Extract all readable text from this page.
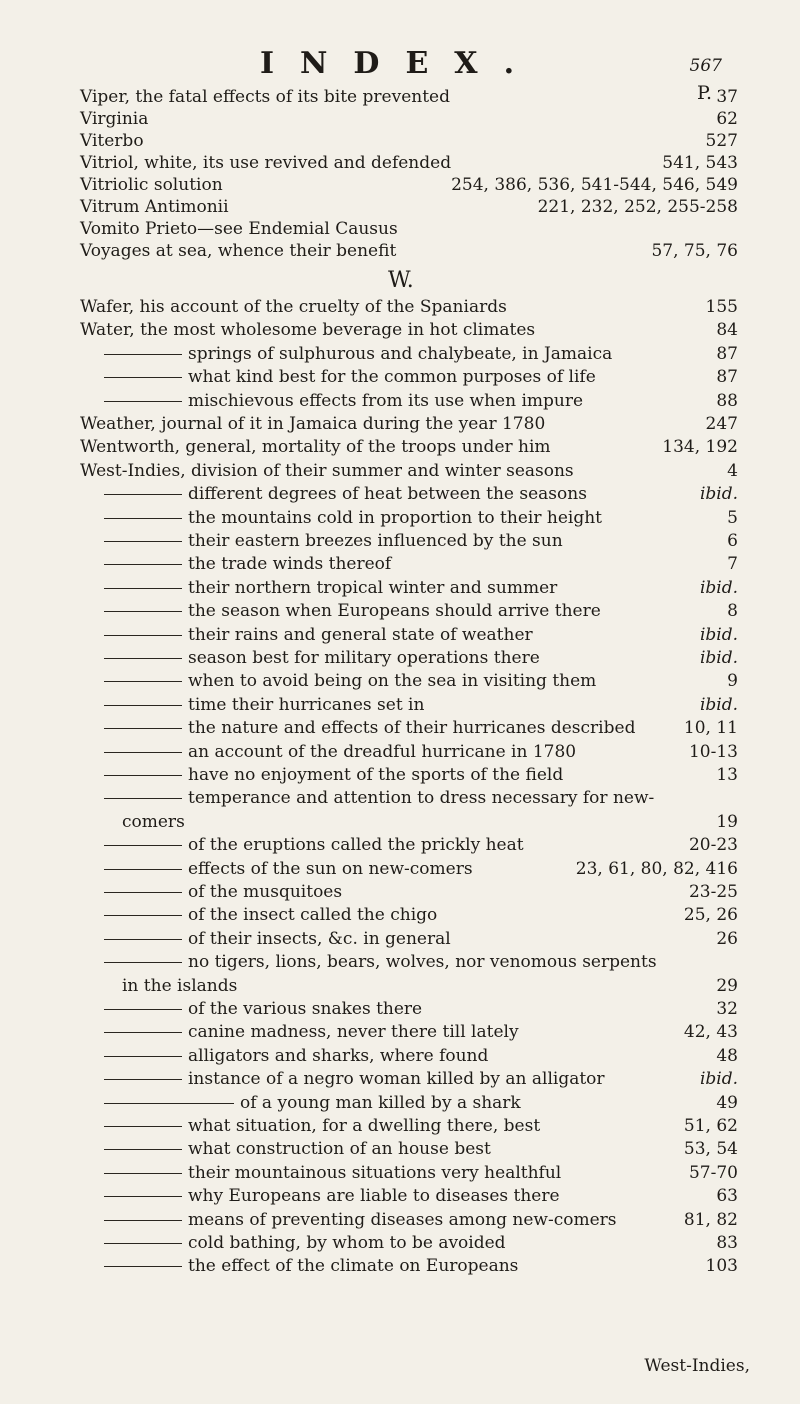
INDEX.	567
P.
Viper, the fatal effects of its bite prevented	37
Virginia	62
Viterbo	527
Vitriol, white, its use revived and defended	541, 543
Vitriolic solution	254, 386, 536, 541-544, 546, 549
Vitrum Antimonii	221, 232, 252, 255-258
Vomito Prieto—see Endemial Causus
Voyages at sea, whence their benefit	57, 75, 76
W.
Wafer, his account of the cruelty of the Spaniards	155
Water, the most wholesome beverage in hot climates	84
springs of sulphurous and chalybeate, in Jamaica	87
what kind best for the common purposes of life	87
mischievous effects from its use when impure	88
Weather, journal of it in Jamaica during the year 1780	247
Wentworth, general, mortality of the troops under him	134, 192
West-Indies, division of their summer and winter seasons	4
different degrees of heat between the seasons	ibid.
the mountains cold in proportion to their height	5
their eastern breezes influenced by the sun	6
the trade winds thereof	7
their northern tropical winter and summer	ibid.
the season when Europeans should arrive there	8
their rains and general state of weather	ibid.
season best for military operations there	ibid.
when to avoid being on the sea in visiting them	9
time their hurricanes set in	ibid.
the nature and effects of their hurricanes described	10, 11
an account of the dreadful hurricane in 1780	10-13
have no enjoyment of the sports of the field	13
temperance and attention to dress necessary for new-
comers	19
of the eruptions called the prickly heat	20-23
effects of the sun on new-comers	23, 61, 80, 82, 416
of the musquitoes	23-25
of the insect called the chigo	25, 26
of their insects, &c. in general	26
no tigers, lions, bears, wolves, nor venomous serpents
in the islands	29
of the various snakes there	32
canine madness, never there till lately	42, 43
alligators and sharks, where found	48
instance of a negro woman killed by an alligator	ibid.
of a young man killed by a shark	49
what situation, for a dwelling there, best	51, 62
what construction of an house best	53, 54
their mountainous situations very healthful	57-70
why Europeans are liable to diseases there	63
means of preventing diseases among new-comers	81, 82
cold bathing, by whom to be avoided	83
the effect of the climate on Europeans	103
West-Indies,
